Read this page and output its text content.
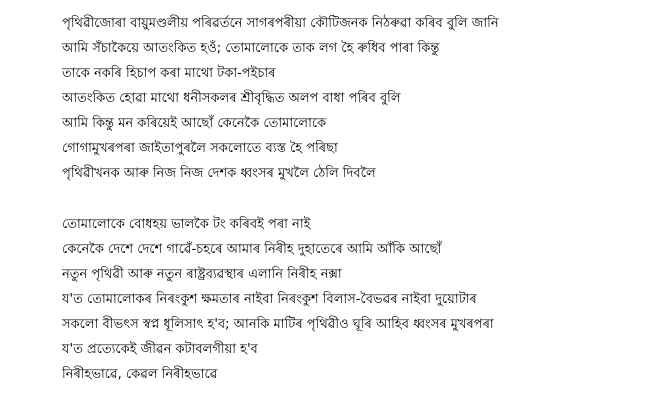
পৃথিৱীজোৰা বায়ুমণ্ডলীয় পৰিৱৰ্তনে সাগৰপৰীয়া কৌটিজনক নিঠৰুৱা কৰিব বুলি জানি
আমি সঁচাকৈয়ে আতংকিত হওঁ; তোমালোকে তাক লগ হৈ ৰুধিব পাৰা কিন্তু
তাকে নকৰি হিচাপ কৰা মাথো টকা-পইচাৰ
আতংকিত হোৱা মাথো ধনীসকলৰ শ্ৰীবৃদ্ধিত অলপ বাধা পৰিব বুলি
আমি কিন্তু মন কৰিয়েই আছোঁ কেনেকৈ তোমালোকে
গোগামুখৰপৰা জাইতাপুৰলৈ সকলোতে ব্যস্ত হৈ পৰিছা
পৃথিৱীখনক আৰু নিজ নিজ দেশক ধ্বংসৰ মুখলৈ ঠেলি দিবলৈ
তোমালোকে বোধহয় ভালকৈ টং কৰিবই পৰা নাই
কেনেকৈ দেশে দেশে গাৱেঁ-চহৰে আমাৰ নিৰীহ দুহাতেৰে আমি আঁকি আছোঁ
নতুন পৃথিৱী আৰু নতুন ৰাষ্ট্ৰব্যৱস্থাৰ এলানি নিৰীহ নক্সা
য'ত তোমালোকৰ নিৰংকুশ ক্ষমতাৰ নাইবা নিৰংকুশ বিলাস-বৈভৱৰ নাইবা দুয়োটাৰ
সকলো বীভৎস স্বপ্ন ধূলিসাৎ হ'ব; আনকি মাটিৰ পৃথিৱীও ঘূৰি আহিব ধ্বংসৰ মুখৰপৰা
য'ত প্ৰত্যেকেই জীৱন কটাবলগীয়া হ'ব
নিৰীহভাৱে, কেৱল নিৰীহভাৱে
